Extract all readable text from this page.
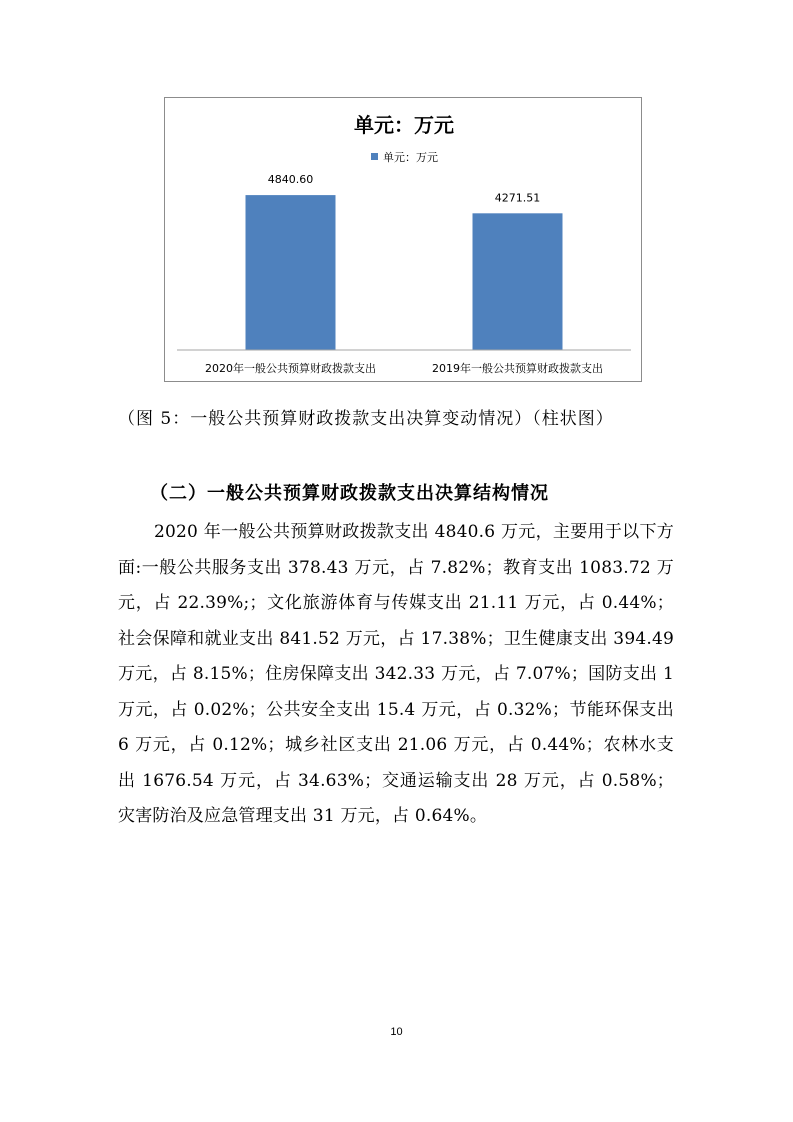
单元：万元
单元：万元
4840.60
4271.51
2020年一般公共预算财政拨款支出	2019年一般公共预算财政拨款支出
（图 5：一般公共预算财政拨款支出决算变动情况）（柱状图）
（二）一般公共预算财政拨款支出决算结构情况
2020 年一般公共预算财政拨款支出 4840.6 万元，主要用于以下方面:一般公共服务支出 378.43 万元，占 7.82%；教育支出 1083.72 万元，占 22.39%;；文化旅游体育与传媒支出 21.11 万元，占 0.44%；社会保障和就业支出 841.52 万元，占 17.38%；卫生健康支出 394.49 万元，占 8.15%；住房保障支出 342.33 万元，占 7.07%；国防支出 1 万元，占 0.02%；公共安全支出 15.4 万元，占 0.32%；节能环保支出 6 万元，占 0.12%；城乡社区支出 21.06 万元，占 0.44%；农林水支出 1676.54 万元，占 34.63%；交通运输支出 28 万元，占 0.58%；灾害防治及应急管理支出 31 万元，占 0.64%。
10
